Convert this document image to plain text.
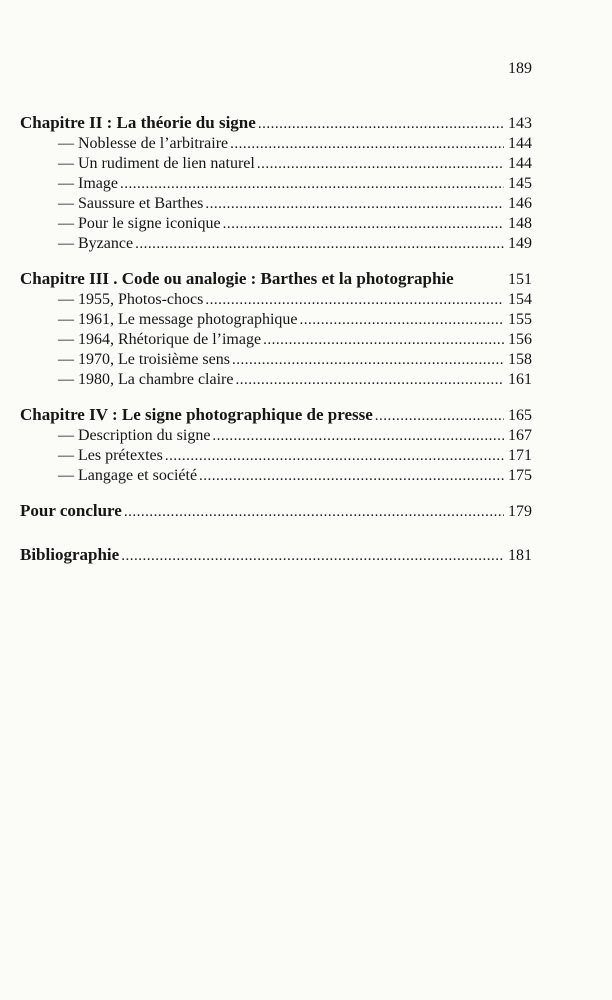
189
Chapitre II : La théorie du signe .....	143
— Noblesse de l’arbitraire .....	144
— Un rudiment de lien naturel .....	144
— Image .....	145
— Saussure et Barthes .....	146
— Pour le signe iconique .....	148
— Byzance .....	149
Chapitre III . Code ou analogie : Barthes et la photographie	151
— 1955, Photos-chocs .....	154
— 1961, Le message photographique .....	155
— 1964, Rhétorique de l’image .....	156
— 1970, Le troisième sens .....	158
— 1980, La chambre claire .....	161
Chapitre IV : Le signe photographique de presse .....	165
— Description du signe .....	167
— Les prétextes .....	171
— Langage et société .....	175
Pour conclure .....	179
Bibliographie .....	181
